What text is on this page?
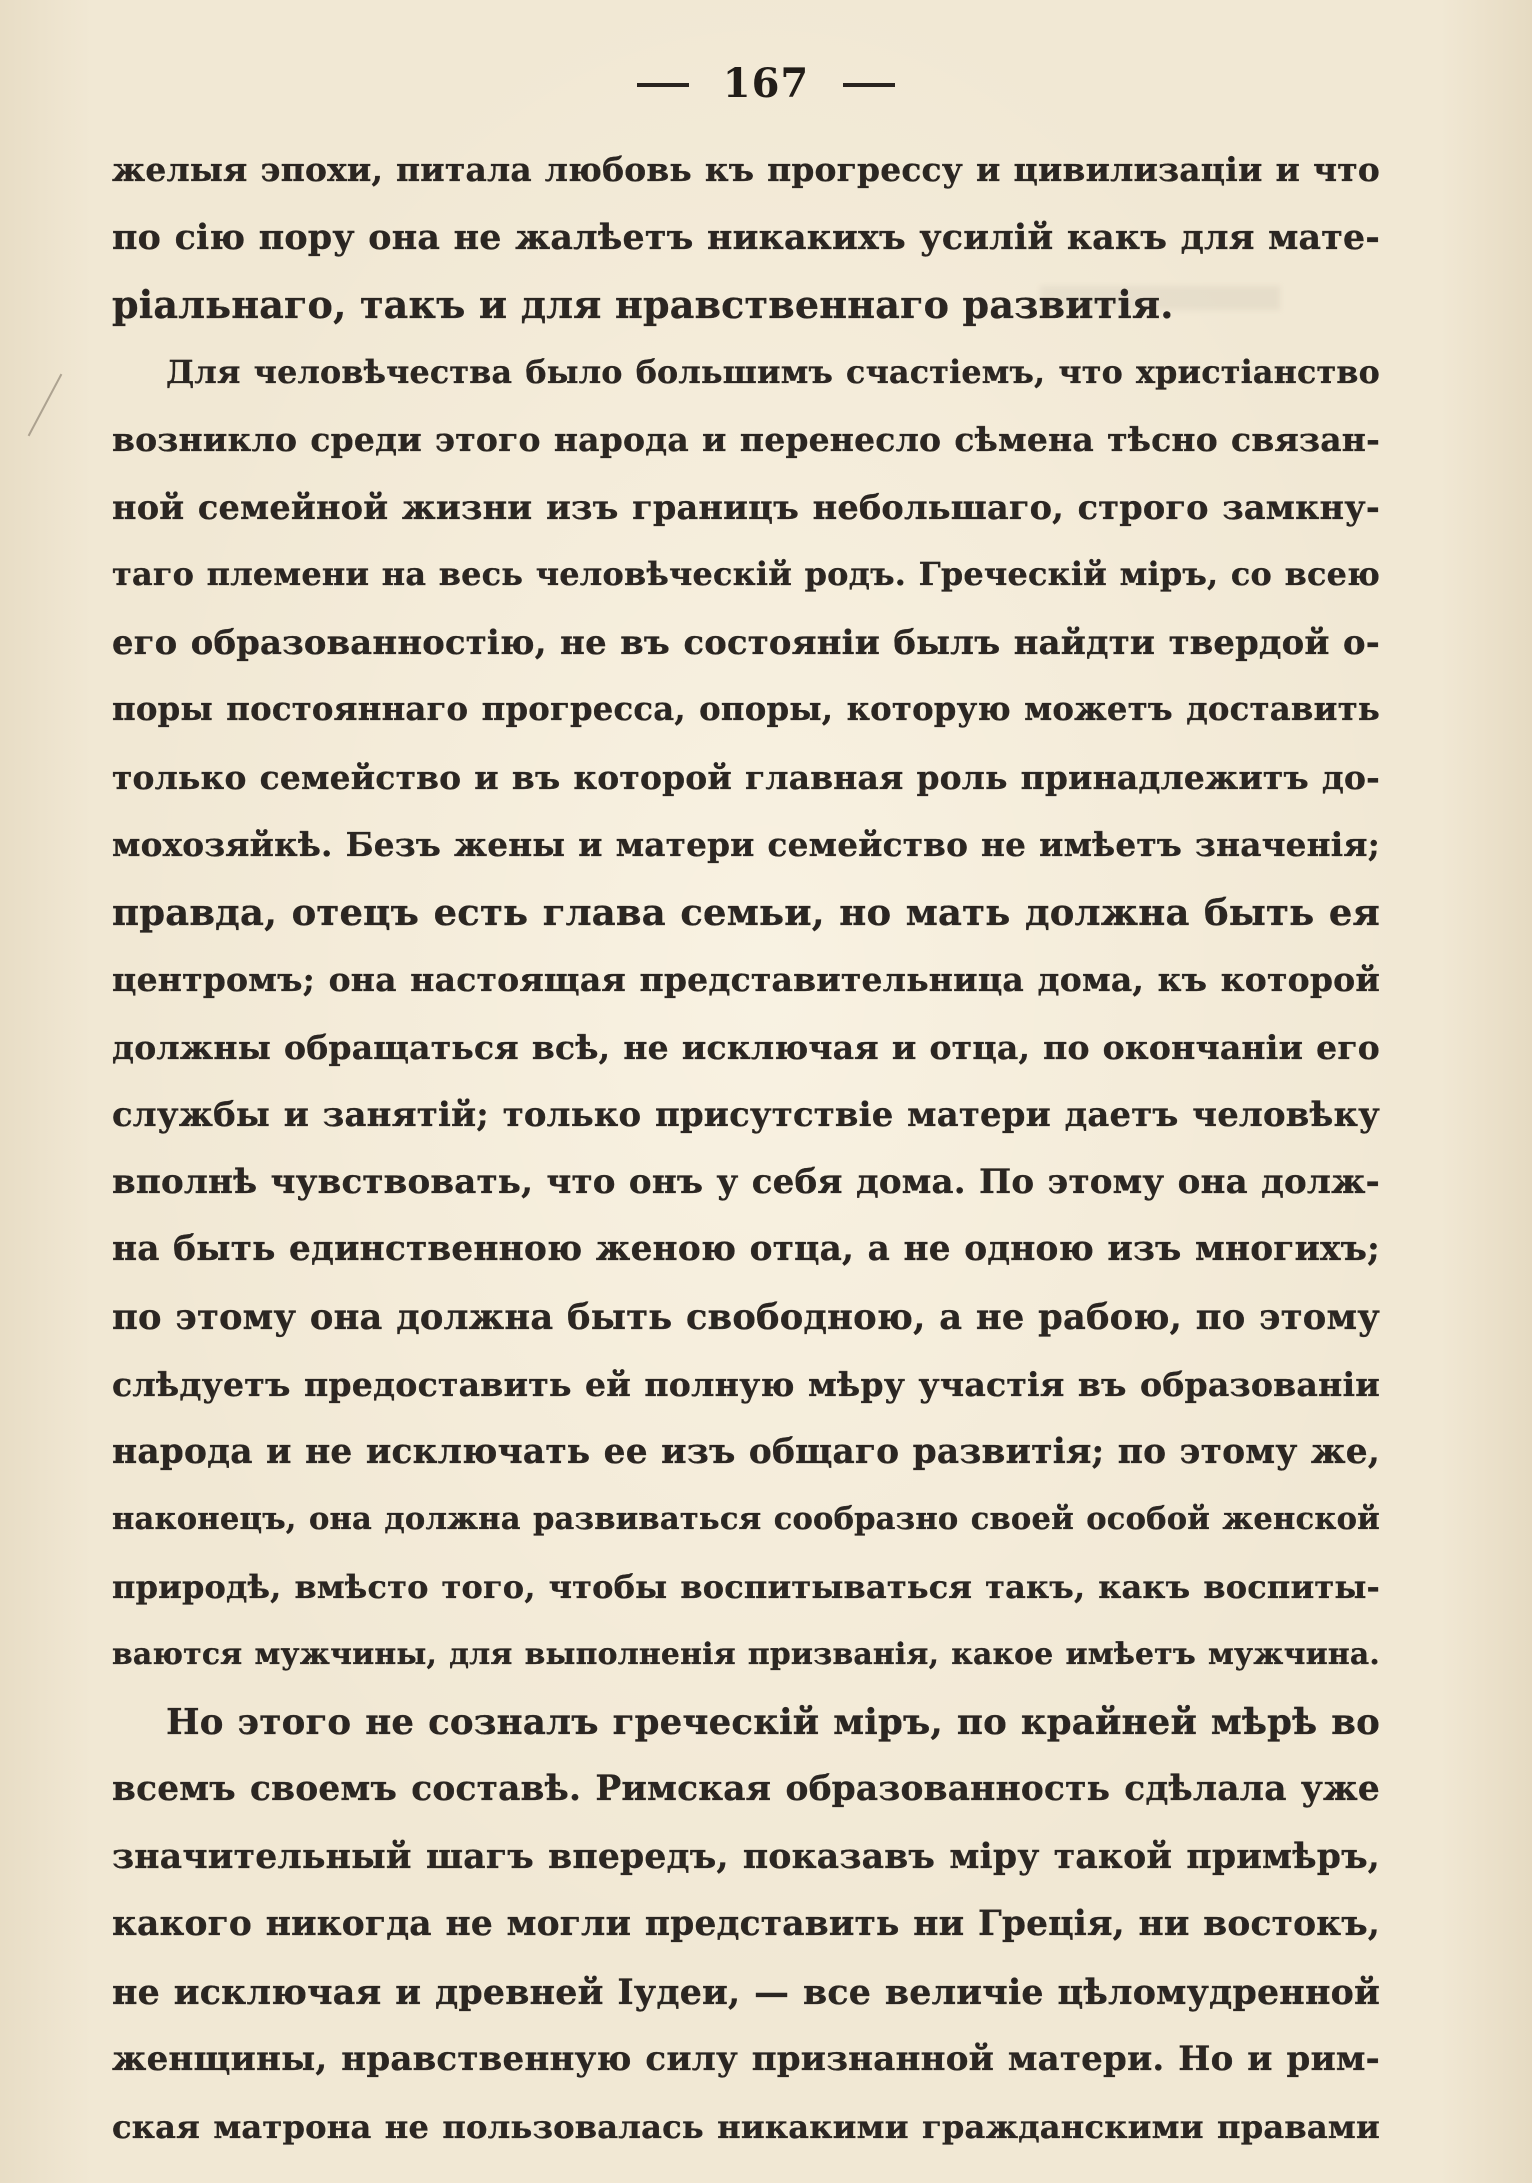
167
желыя эпохи, питала любовь къ прогрессу и цивилизаціи и что
по сію пору она не жалѣетъ никакихъ усилій какъ для мате-
ріальнаго, такъ и для нравственнаго развитія.
Для человѣчества было большимъ счастіемъ, что христіанство
возникло среди этого народа и перенесло сѣмена тѣсно связан-
ной семейной жизни изъ границъ небольшаго, строго замкну-
таго племени на весь человѣческій родъ. Греческій міръ, со всею
его образованностію, не въ состояніи былъ найдти твердой о-
поры постояннаго прогресса, опоры, которую можетъ доставить
только семейство и въ которой главная роль принадлежитъ до-
мохозяйкѣ. Безъ жены и матери семейство не имѣетъ значенія;
правда, отецъ есть глава семьи, но мать должна быть ея
центромъ; она настоящая представительница дома, къ которой
должны обращаться всѣ, не исключая и отца, по окончаніи его
службы и занятій; только присутствіе матери даетъ человѣку
вполнѣ чувствовать, что онъ у себя дома. По этому она долж-
на быть единственною женою отца, а не одною изъ многихъ;
по этому она должна быть свободною, а не рабою, по этому
слѣдуетъ предоставить ей полную мѣру участія въ образованіи
народа и не исключать ее изъ общаго развитія; по этому же,
наконецъ, она должна развиваться сообразно своей особой женской
природѣ, вмѣсто того, чтобы воспитываться такъ, какъ воспиты-
ваются мужчины, для выполненія призванія, какое имѣетъ мужчина.
Но этого не созналъ греческій міръ, по крайней мѣрѣ во
всемъ своемъ составѣ. Римская образованность сдѣлала уже
значительный шагъ впередъ, показавъ міру такой примѣръ,
какого никогда не могли представить ни Греція, ни востокъ,
не исключая и древней Іудеи, — все величіе цѣломудренной
женщины, нравственную силу признанной матери. Но и рим-
ская матрона не пользовалась никакими гражданскими правами
